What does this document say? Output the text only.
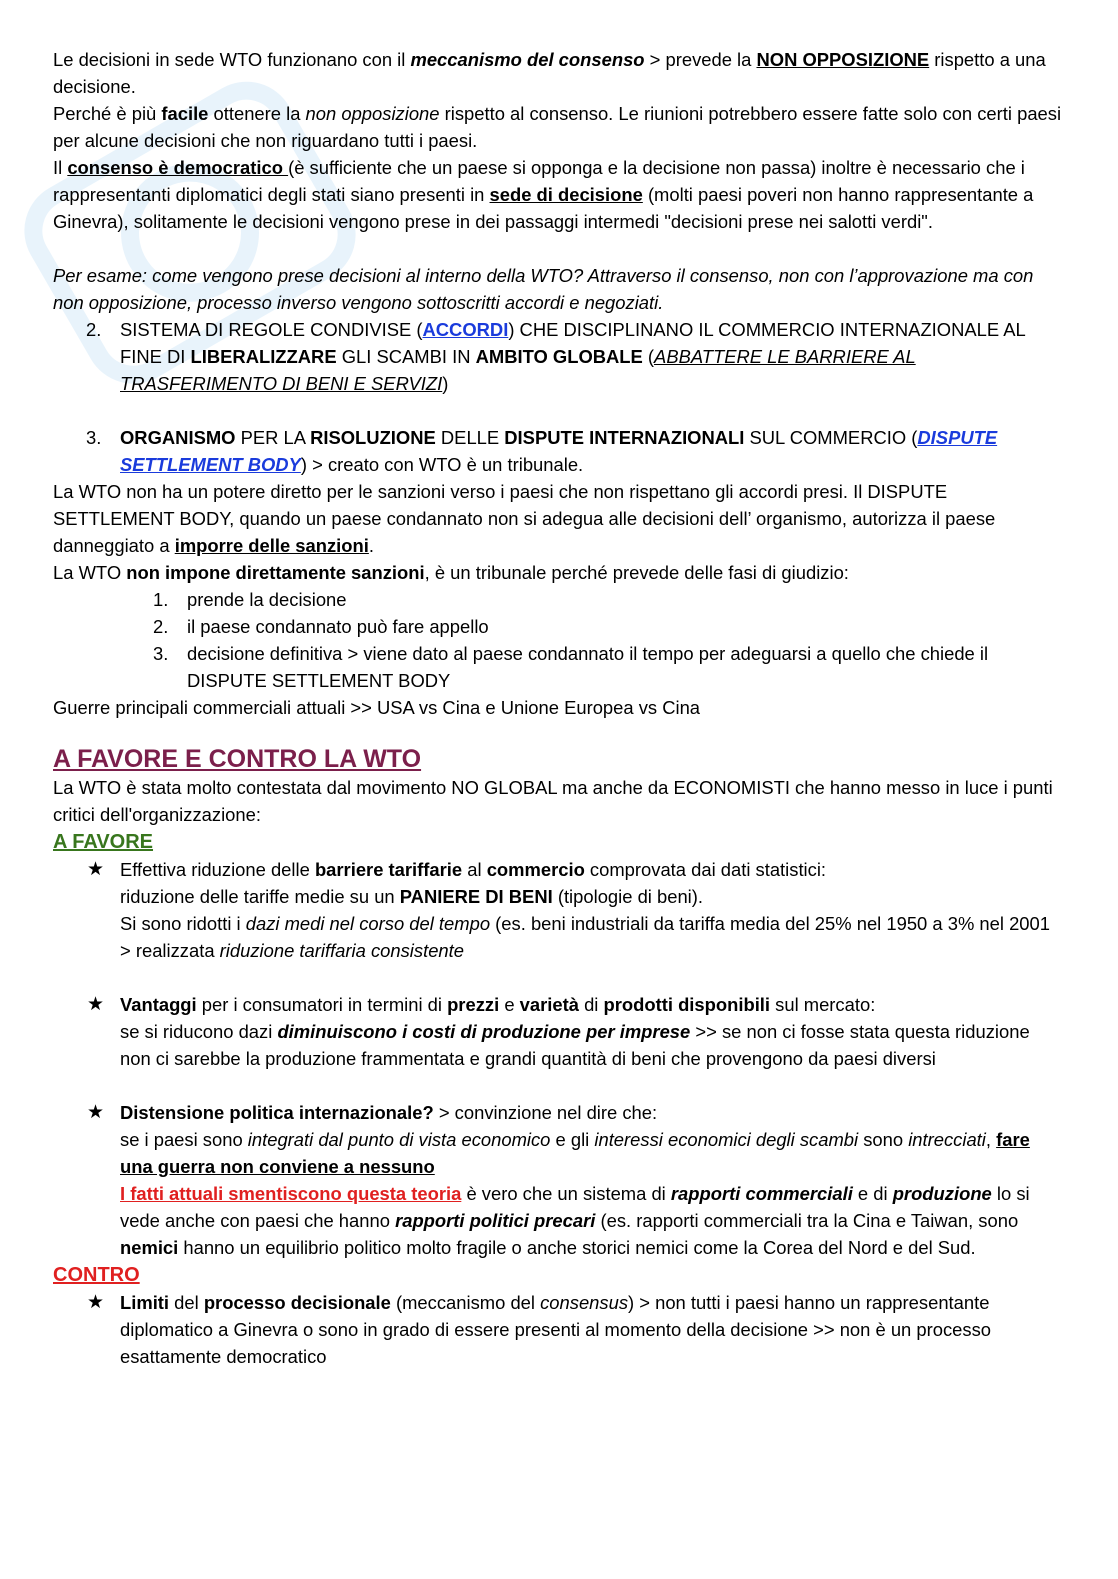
Le decisioni in sede WTO funzionano con il meccanismo del consenso > prevede la NON OPPOSIZIONE rispetto a una decisione.

Perché è più facile ottenere la non opposizione rispetto al consenso. Le riunioni potrebbero essere fatte solo con certi paesi per alcune decisioni che non riguardano tutti i paesi.

Il consenso è democratico (è sufficiente che un paese si opponga e la decisione non passa) inoltre è necessario che i rappresentanti diplomatici degli stati siano presenti in sede di decisione (molti paesi poveri non hanno rappresentante a Ginevra), solitamente le decisioni vengono prese in dei passaggi intermedi "decisioni prese nei salotti verdi".

Per esame: come vengono prese decisioni al interno della WTO? Attraverso il consenso, non con l’approvazione ma con non opposizione, processo inverso vengono sottoscritti accordi e negoziati.

2. SISTEMA DI REGOLE CONDIVISE (ACCORDI) CHE DISCIPLINANO IL COMMERCIO INTERNAZIONALE AL FINE DI LIBERALIZZARE GLI SCAMBI IN AMBITO GLOBALE (ABBATTERE LE BARRIERE AL TRASFERIMENTO DI BENI E SERVIZI)
3. ORGANISMO PER LA RISOLUZIONE DELLE DISPUTE INTERNAZIONALI SUL COMMERCIO (DISPUTE SETTLEMENT BODY) > creato con WTO è un tribunale.

La WTO non ha un potere diretto per le sanzioni verso i paesi che non rispettano gli accordi presi. Il DISPUTE SETTLEMENT BODY, quando un paese condannato non si adegua alle decisioni dell’ organismo, autorizza il paese danneggiato a imporre delle sanzioni.

La WTO non impone direttamente sanzioni, è un tribunale perché prevede delle fasi di giudizio:

1. prende la decisione
2. il paese condannato può fare appello
3. decisione definitiva > viene dato al paese condannato il tempo per adeguarsi a quello che chiede il DISPUTE SETTLEMENT BODY

Guerre principali commerciali attuali >> USA vs Cina e Unione Europea vs Cina

A FAVORE E CONTRO LA WTO

La WTO è stata molto contestata dal movimento NO GLOBAL ma anche da ECONOMISTI che hanno messo in luce i punti critici dell'organizzazione:

A FAVORE

★ Effettiva riduzione delle barriere tariffarie al commercio comprovata dai dati statistici:
riduzione delle tariffe medie su un PANIERE DI BENI (tipologie di beni).
Si sono ridotti i dazi medi nel corso del tempo (es. beni industriali da tariffa media del 25% nel 1950 a 3% nel 2001 > realizzata riduzione tariffaria consistente
★ Vantaggi per i consumatori in termini di prezzi e varietà di prodotti disponibili sul mercato:
se si riducono dazi diminuiscono i costi di produzione per imprese >> se non ci fosse stata questa riduzione non ci sarebbe la produzione frammentata e grandi quantità di beni che provengono da paesi diversi
★ Distensione politica internazionale? > convinzione nel dire che:
se i paesi sono integrati dal punto di vista economico e gli interessi economici degli scambi sono intrecciati, fare una guerra non conviene a nessuno
I fatti attuali smentiscono questa teoria è vero che un sistema di rapporti commerciali e di produzione lo si vede anche con paesi che hanno rapporti politici precari (es. rapporti commerciali tra la Cina e Taiwan, sono nemici hanno un equilibrio politico molto fragile o anche storici nemici come la Corea del Nord e del Sud.

CONTRO

★ Limiti del processo decisionale (meccanismo del consensus) > non tutti i paesi hanno un rappresentante diplomatico a Ginevra o sono in grado di essere presenti al momento della decisione >> non è un processo esattamente democratico
